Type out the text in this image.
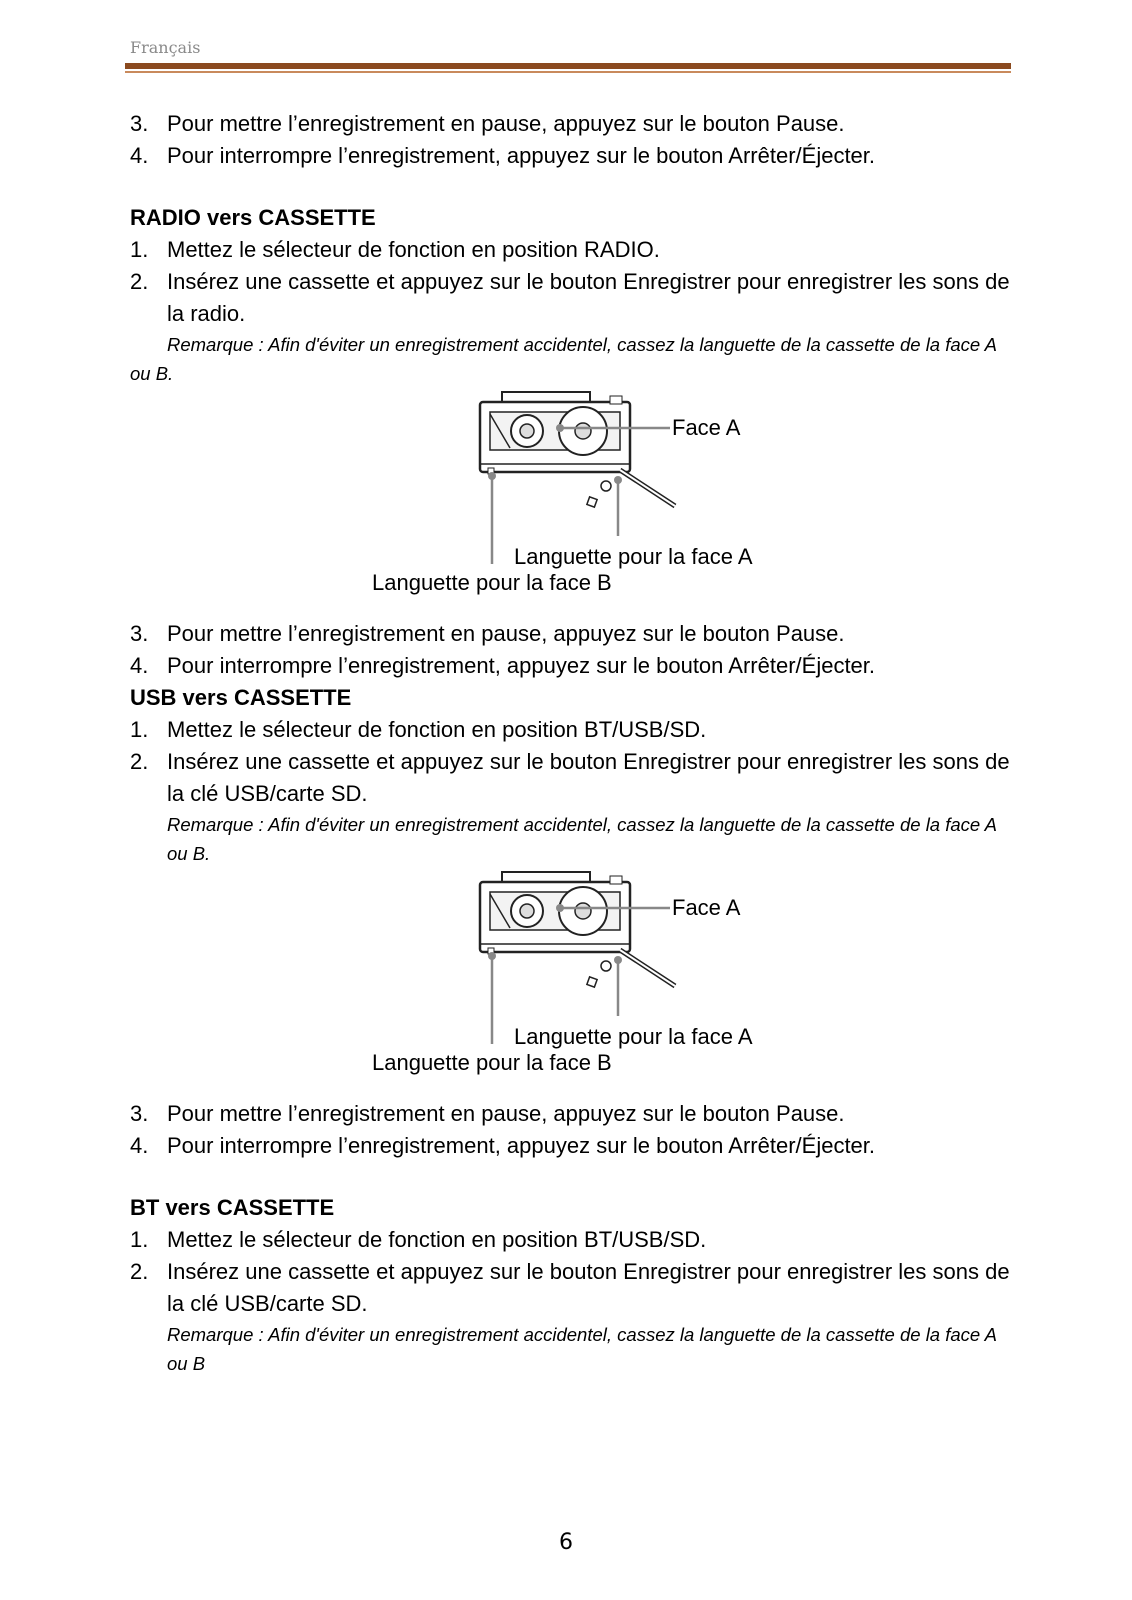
Français
3. Pour mettre l’enregistrement en pause, appuyez sur le bouton Pause.
4. Pour interrompre l’enregistrement, appuyez sur le bouton Arrêter/Éjecter.
RADIO vers CASSETTE
1. Mettez le sélecteur de fonction en position RADIO.
2. Insérez une cassette et appuyez sur le bouton Enregistrer pour enregistrer les sons de la radio.
Remarque : Afin d'éviter un enregistrement accidentel, cassez la languette de la cassette de la face A ou B.
Face A
Languette pour la face A
Languette pour la face B
3. Pour mettre l’enregistrement en pause, appuyez sur le bouton Pause.
4. Pour interrompre l’enregistrement, appuyez sur le bouton Arrêter/Éjecter.
USB vers CASSETTE
1. Mettez le sélecteur de fonction en position BT/USB/SD.
2. Insérez une cassette et appuyez sur le bouton Enregistrer pour enregistrer les sons de la clé USB/carte SD.
Remarque : Afin d'éviter un enregistrement accidentel, cassez la languette de la cassette de la face A ou B.
Face A
Languette pour la face A
Languette pour la face B
3. Pour mettre l’enregistrement en pause, appuyez sur le bouton Pause.
4. Pour interrompre l’enregistrement, appuyez sur le bouton Arrêter/Éjecter.
BT vers CASSETTE
1. Mettez le sélecteur de fonction en position BT/USB/SD.
2. Insérez une cassette et appuyez sur le bouton Enregistrer pour enregistrer les sons de la clé USB/carte SD.
Remarque : Afin d'éviter un enregistrement accidentel, cassez la languette de la cassette de la face A ou B
6
